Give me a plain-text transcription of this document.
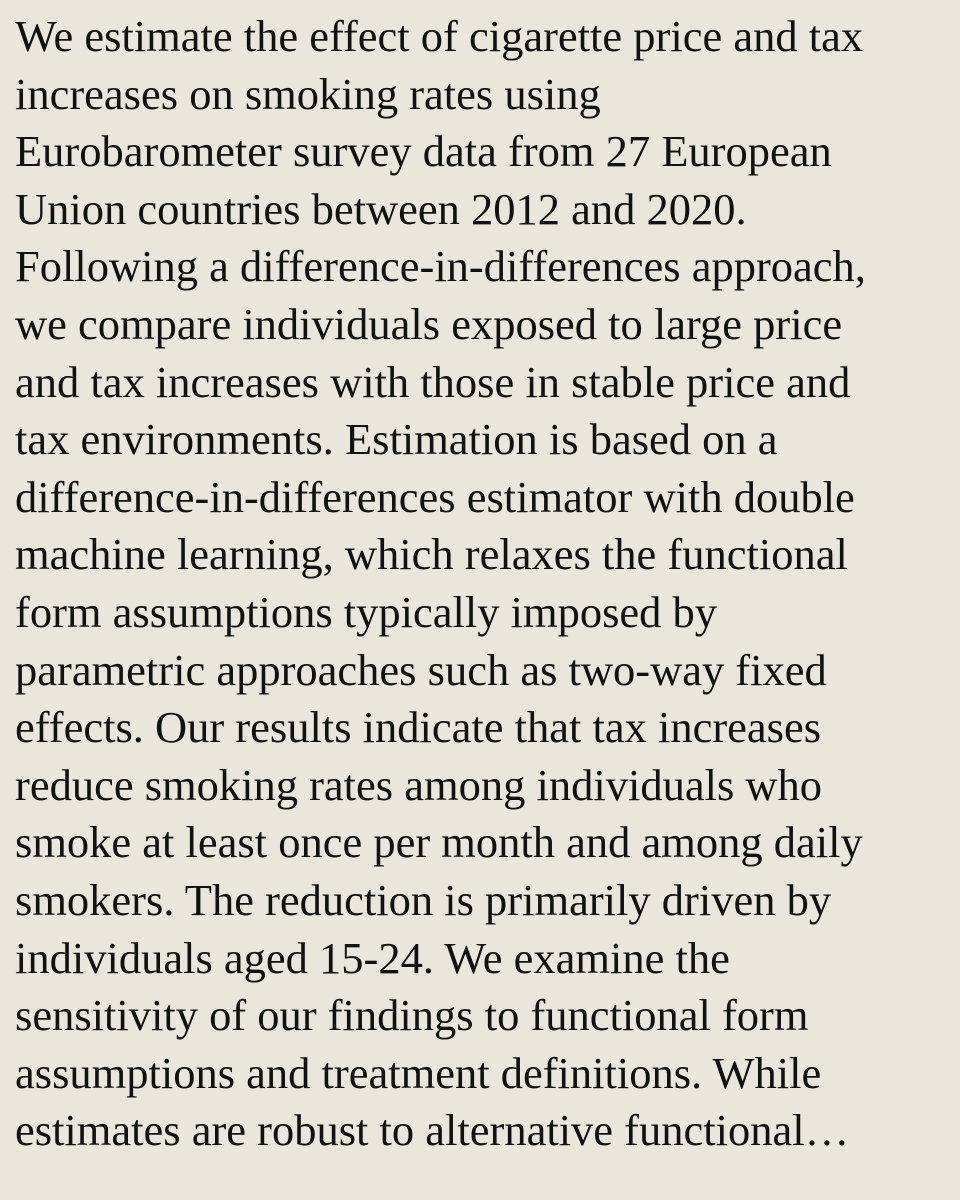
We estimate the effect of cigarette price and tax
increases on smoking rates using
Eurobarometer survey data from 27 European
Union countries between 2012 and 2020.
Following a difference-in-differences approach,
we compare individuals exposed to large price
and tax increases with those in stable price and
tax environments. Estimation is based on a
difference-in-differences estimator with double
machine learning, which relaxes the functional
form assumptions typically imposed by
parametric approaches such as two-way fixed
effects. Our results indicate that tax increases
reduce smoking rates among individuals who
smoke at least once per month and among daily
smokers. The reduction is primarily driven by
individuals aged 15-24. We examine the
sensitivity of our findings to functional form
assumptions and treatment definitions. While
estimates are robust to alternative functional…
